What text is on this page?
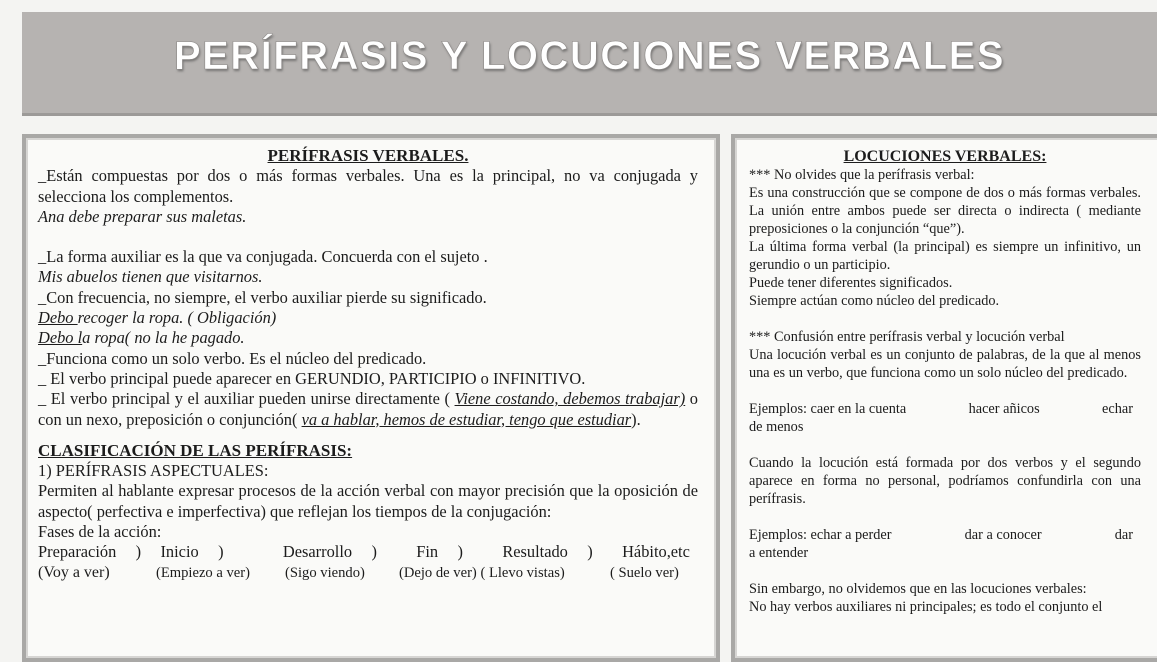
PERÍFRASIS Y LOCUCIONES VERBALES
PERÍFRASIS VERBALES.

_Están compuestas por dos o más formas verbales. Una es la principal, no va conjugada y selecciona los complementos.

Ana debe preparar sus maletas.

_La forma auxiliar es la que va conjugada. Concuerda con el sujeto .

Mis abuelos tienen que visitarnos.

_Con frecuencia, no siempre, el verbo auxiliar pierde su significado.

Debo recoger la ropa. ( Obligación)

Debo la ropa( no la he pagado.

_Funciona como un solo verbo. Es el núcleo del predicado.

_ El verbo principal puede aparecer en GERUNDIO, PARTICIPIO o INFINITIVO.

_ El verbo principal y el auxiliar pueden unirse directamente ( Viene costando, debemos trabajar) o con un nexo, preposición o conjunción( va a hablar, hemos de estudiar, tengo que estudiar).

CLASIFICACIÓN DE LAS PERÍFRASIS:

1) PERÍFRASIS ASPECTUALES:

Permiten al hablante expresar procesos de la acción verbal con mayor precisión que la oposición de aspecto( perfectiva e imperfectiva) que reflejan los tiempos de la conjugación:

Fases de la acción:

Preparación ) Inicio )	Desarrollo ) Fin ) Resultado ) Hábito,etc
(Voy a ver)	(Empiezo a ver)	(Sigo viendo)	(Dejo de ver) ( Llevo vistas)	( Suelo ver)
LOCUCIONES VERBALES:

*** No olvides que la perífrasis verbal:

Es una construcción que se compone de dos o más formas verbales. La unión entre ambos puede ser directa o indirecta ( mediante preposiciones o la conjunción “que”).

La última forma verbal (la principal) es siempre un infinitivo, un gerundio o un participio.

Puede tener diferentes significados.

Siempre actúan como núcleo del predicado.

*** Confusión entre perífrasis verbal y locución verbal

Una locución verbal es un conjunto de palabras, de la que al menos una es un verbo, que funciona como un solo núcleo del predicado.

Ejemplos: caer en la cuenta	hacer añicos	echar

de menos

Cuando la locución está formada por dos verbos y el segundo aparece en forma no personal, podríamos confundirla con una perífrasis.

Ejemplos: echar a perder	dar a conocer	dar

a entender

Sin embargo, no olvidemos que en las locuciones verbales:

No hay verbos auxiliares ni principales; es todo el conjunto el
